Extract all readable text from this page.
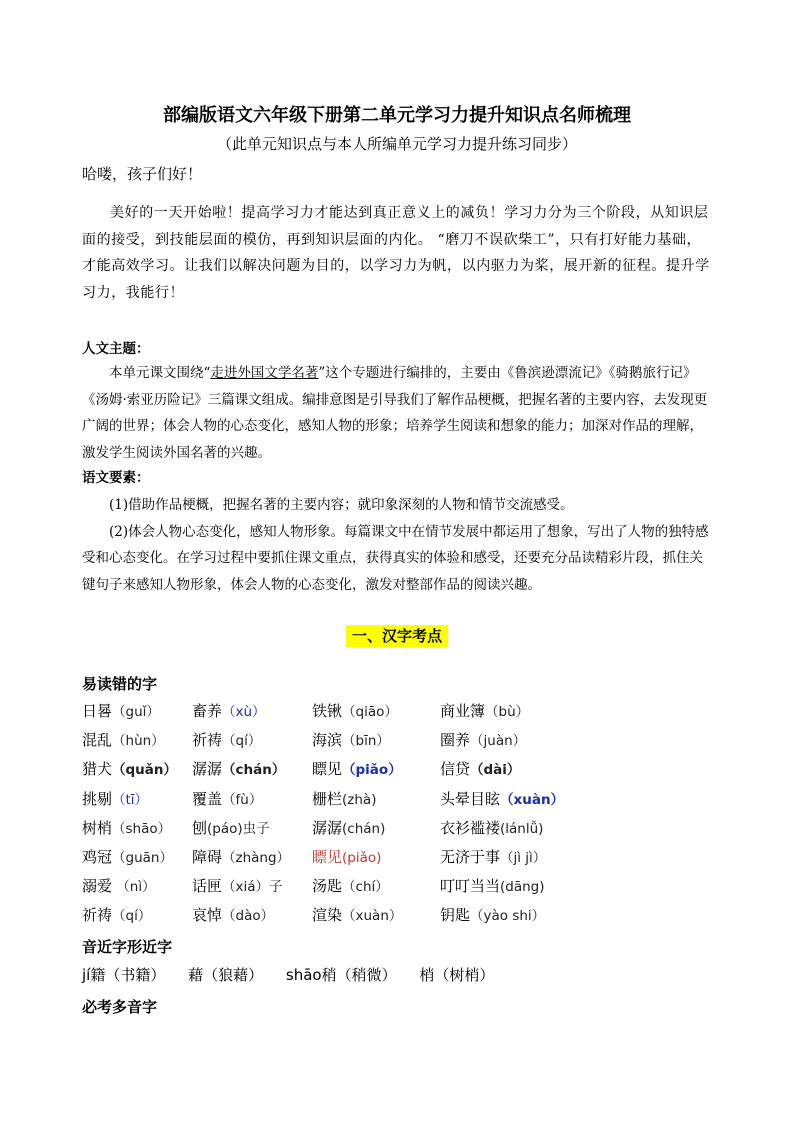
部编版语文六年级下册第二单元学习力提升知识点名师梳理
（此单元知识点与本人所编单元学习力提升练习同步）
哈喽，孩子们好！

美好的一天开始啦！提高学习力才能达到真正意义上的减负！学习力分为三个阶段，从知识层面的接受，到技能层面的模仿，再到知识层面的内化。 “磨刀不误砍柴工”，只有打好能力基础，才能高效学习。让我们以解决问题为目的，以学习力为帆，以内驱力为桨，展开新的征程。提升学习力，我能行！

人文主题：

本单元课文围绕“走进外国文学名著”这个专题进行编排的，主要由《鲁滨逊漂流记》《骑鹅旅行记》《汤姆·索亚历险记》三篇课文组成。编排意图是引导我们了解作品梗概，把握名著的主要内容，去发现更广阔的世界；体会人物的心态变化，感知人物的形象；培养学生阅读和想象的能力；加深对作品的理解，激发学生阅读外国名著的兴趣。

语文要素：

(1)借助作品梗概，把握名著的主要内容；就印象深刻的人物和情节交流感受。

(2)体会人物心态变化，感知人物形象。每篇课文中在情节发展中都运用了想象，写出了人物的独特感受和心态变化。在学习过程中要抓住课文重点，获得真实的体验和感受，还要充分品读精彩片段，抓住关键句子来感知人物形象，体会人物的心态变化，激发对整部作品的阅读兴趣。

一、汉字考点
易读错的字
日晷（guǐ） 畜养（xù）	铁锹（qiāo）	商业簿（bù）
混乱（hùn） 祈祷（qí）	海滨（bīn）	圈养（juàn）
猎犬（quǎn） 潺潺（chán） 瞟见（piǎo）	信贷（dài）
挑剔（tī）	覆盖（fù）	栅栏(zhà)	头晕目眩（xuàn）
树梢（shāo） 刨(páo)虫子	潺潺(chán)	衣衫褴褛(lánlǚ)
鸡冠（guān） 障碍（zhàng） 瞟见(piǎo)	无济于事（jì jì）
溺爱 （nì） 话匣（xiá）子 汤匙（chí）	叮叮当当(dāng)
祈祷（qí）	哀悼（dào）	渲染（xuàn）	钥匙（yào shi）
音近字形近字
jí籍（书籍） 藉（狼藉） shāo稍（稍微） 梢（树梢）
必考多音字
